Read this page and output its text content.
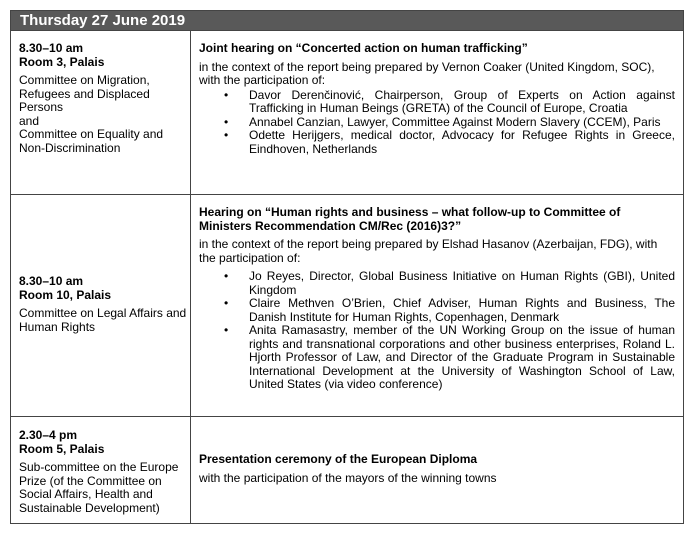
Thursday 27 June 2019
8.30–10 am
Room 3, Palais
Committee on Migration, Refugees and Displaced Persons
and
Committee on Equality and Non-Discrimination
Joint hearing on “Concerted action on human trafficking”
in the context of the report being prepared by Vernon Coaker (United Kingdom, SOC), with the participation of:
• Davor Derenčinović, Chairperson, Group of Experts on Action against Trafficking in Human Beings (GRETA) of the Council of Europe, Croatia
• Annabel Canzian, Lawyer, Committee Against Modern Slavery (CCEM), Paris
• Odette Herijgers, medical doctor, Advocacy for Refugee Rights in Greece, Eindhoven, Netherlands
8.30–10 am
Room 10, Palais
Committee on Legal Affairs and Human Rights
Hearing on “Human rights and business – what follow-up to Committee of Ministers Recommendation CM/Rec (2016)3?”
in the context of the report being prepared by Elshad Hasanov (Azerbaijan, FDG), with the participation of:
• Jo Reyes, Director, Global Business Initiative on Human Rights (GBI), United Kingdom
• Claire Methven O’Brien, Chief Adviser, Human Rights and Business, The Danish Institute for Human Rights, Copenhagen, Denmark
• Anita Ramasastry, member of the UN Working Group on the issue of human rights and transnational corporations and other business enterprises, Roland L. Hjorth Professor of Law, and Director of the Graduate Program in Sustainable International Development at the University of Washington School of Law, United States (via video conference)
2.30–4 pm
Room 5, Palais
Sub-committee on the Europe Prize (of the Committee on Social Affairs, Health and Sustainable Development)
Presentation ceremony of the European Diploma
with the participation of the mayors of the winning towns
